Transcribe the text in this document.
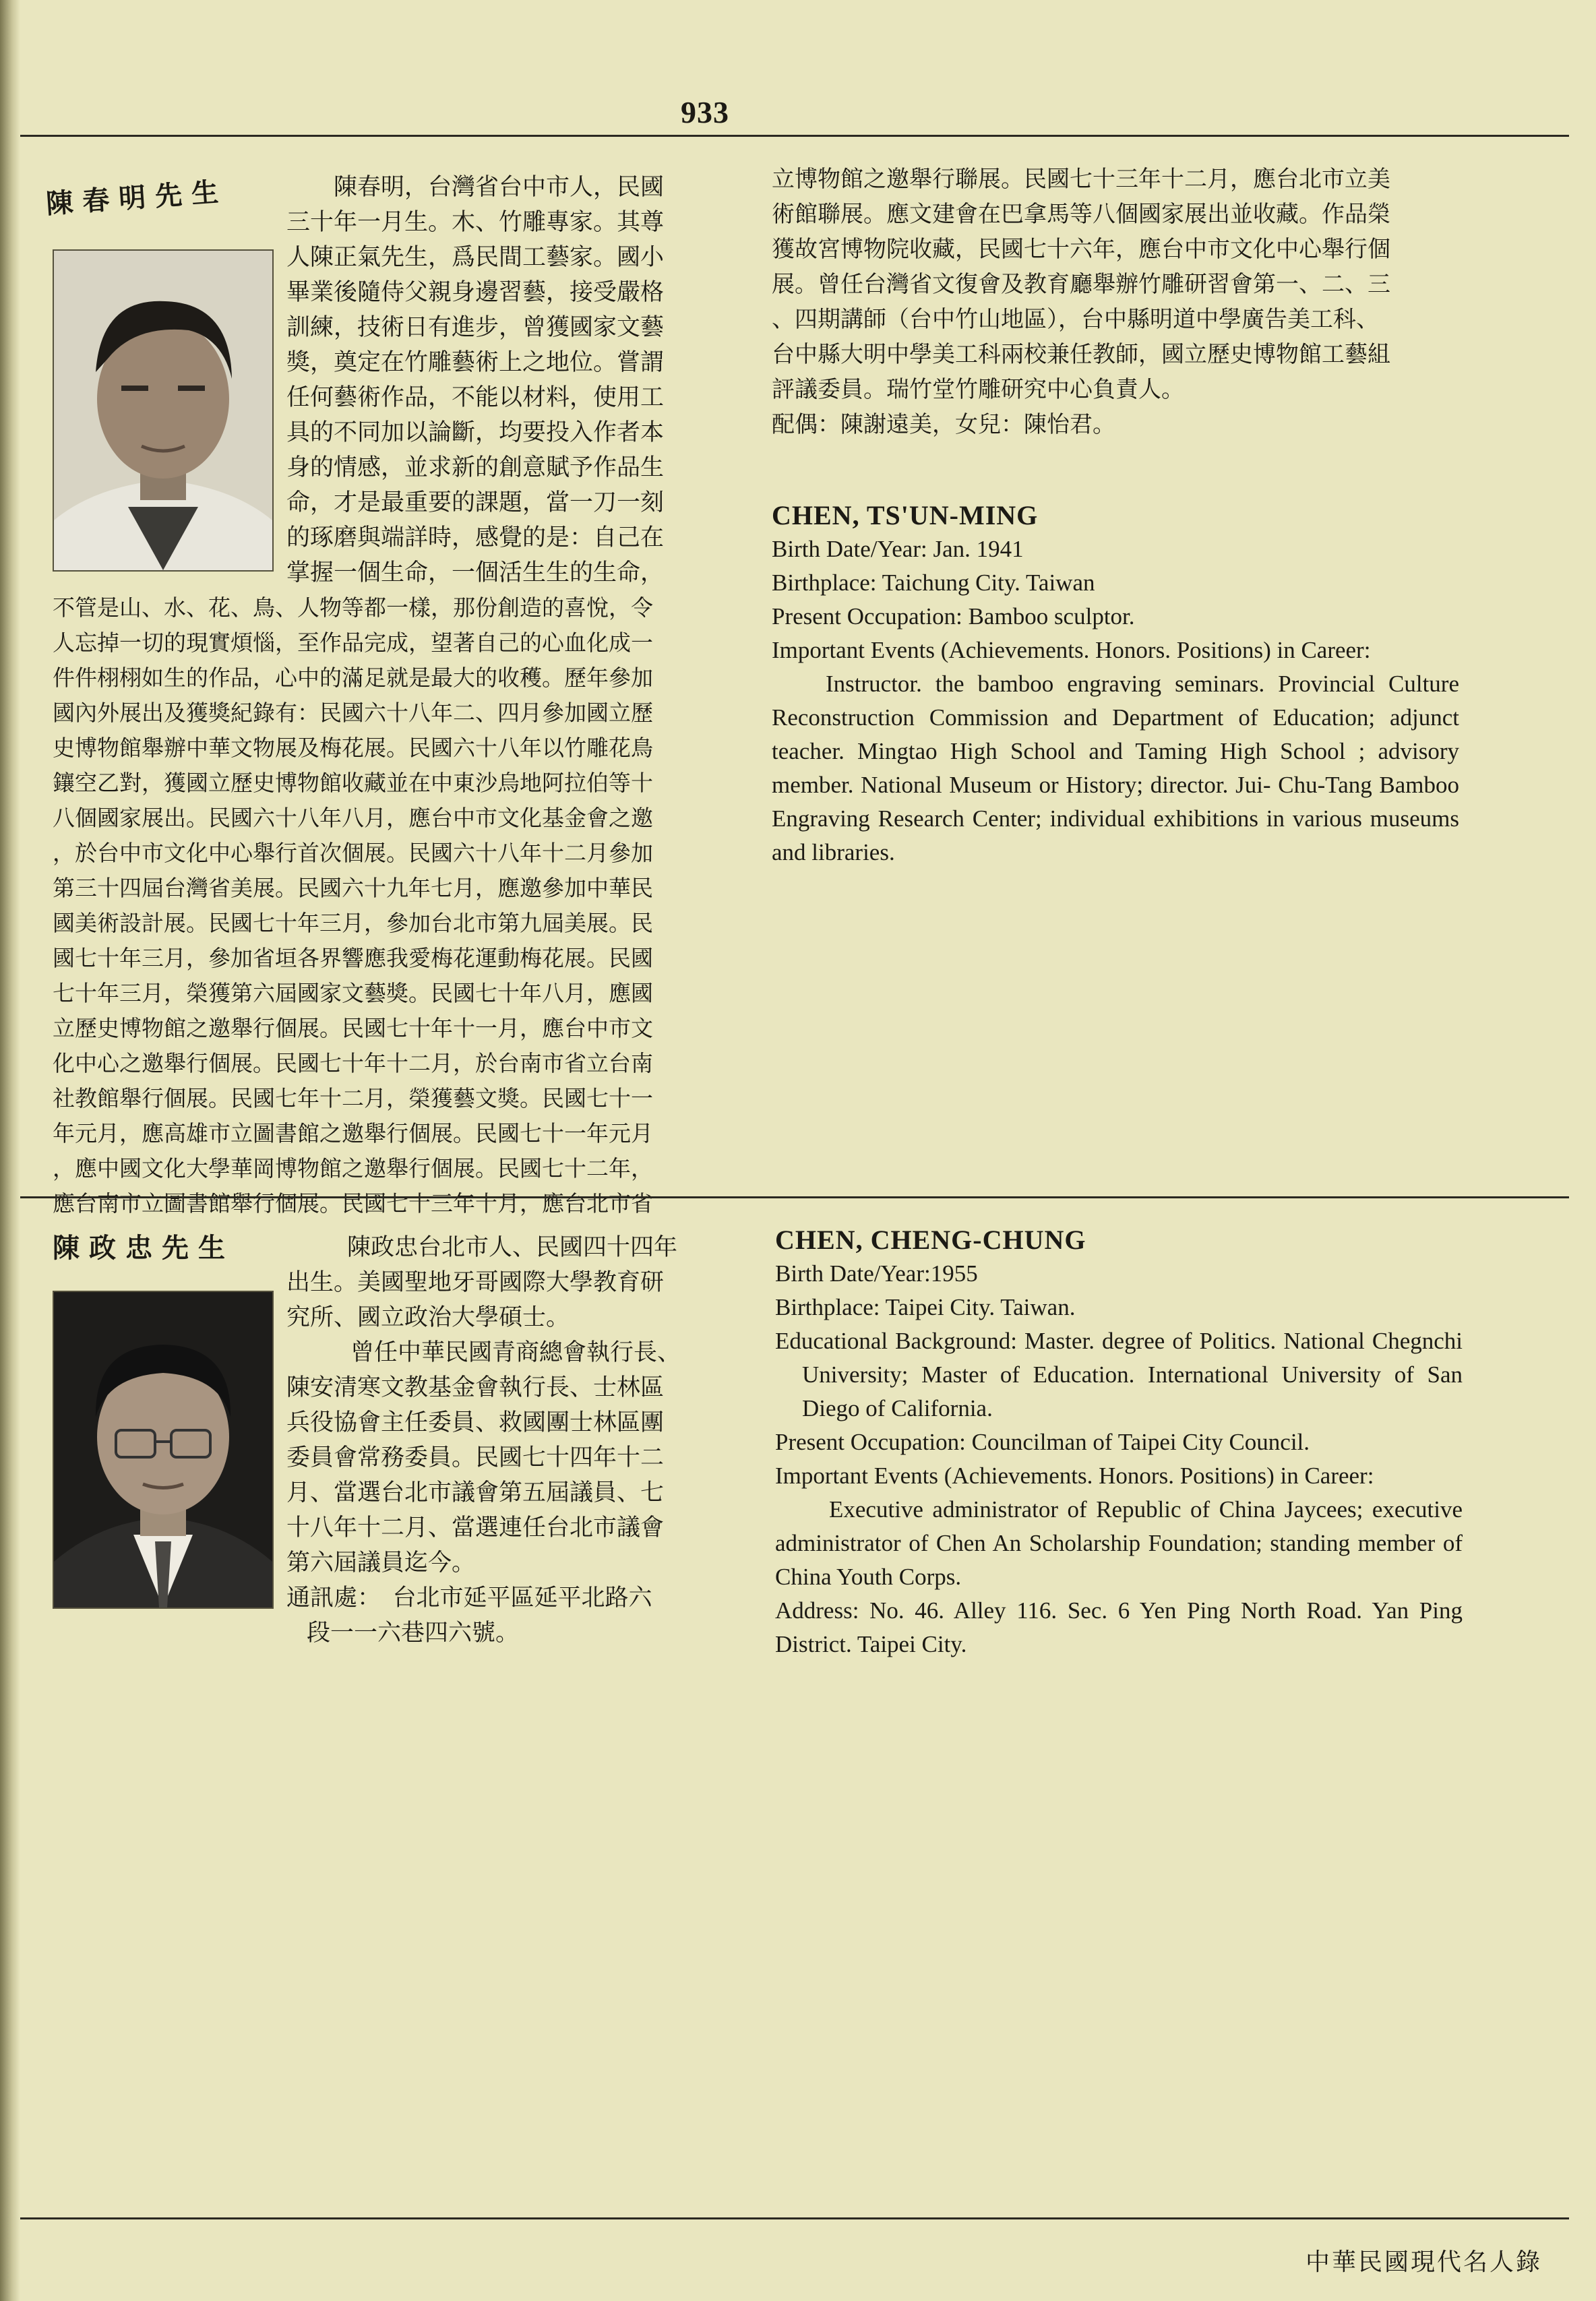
933
陳春明先生	陳春明，台灣省台中市人，民國
三十年一月生。木、竹雕專家。其尊
人陳正氣先生，爲民間工藝家。國小
畢業後隨侍父親身邊習藝，接受嚴格
訓練，技術日有進步，曾獲國家文藝
獎，奠定在竹雕藝術上之地位。嘗謂
任何藝術作品，不能以材料，使用工
具的不同加以論斷，均要投入作者本
身的情感，並求新的創意賦予作品生
命，才是最重要的課題，當一刀一刻
的琢磨與端詳時，感覺的是：自己在
掌握一個生命，一個活生生的生命，
不管是山、水、花、鳥、人物等都一樣，那份創造的喜悅，令
人忘掉一切的現實煩惱，至作品完成，望著自己的心血化成一
件件栩栩如生的作品，心中的滿足就是最大的收穫。歷年參加
國內外展出及獲獎紀錄有：民國六十八年二、四月參加國立歷
史博物館舉辦中華文物展及梅花展。民國六十八年以竹雕花鳥
鑲空乙對，獲國立歷史博物館收藏並在中東沙烏地阿拉伯等十
八個國家展出。民國六十八年八月，應台中市文化基金會之邀
，於台中市文化中心舉行首次個展。民國六十八年十二月參加
第三十四屆台灣省美展。民國六十九年七月，應邀參加中華民
國美術設計展。民國七十年三月，參加台北市第九屆美展。民
國七十年三月，參加省垣各界響應我愛梅花運動梅花展。民國
七十年三月，榮獲第六屆國家文藝獎。民國七十年八月，應國
立歷史博物館之邀舉行個展。民國七十年十一月，應台中市文
化中心之邀舉行個展。民國七十年十二月，於台南市省立台南
社教館舉行個展。民國七年十二月，榮獲藝文獎。民國七十一
年元月，應高雄市立圖書館之邀舉行個展。民國七十一年元月
，應中國文化大學華岡博物館之邀舉行個展。民國七十二年，
應台南市立圖書館舉行個展。民國七十三年十月，應台北市省
立博物館之邀舉行聯展。民國七十三年十二月，應台北市立美
術館聯展。應文建會在巴拿馬等八個國家展出並收藏。作品榮
獲故宮博物院收藏，民國七十六年，應台中市文化中心舉行個
展。曾任台灣省文復會及教育廳舉辦竹雕研習會第一、二、三
、四期講師（台中竹山地區），台中縣明道中學廣告美工科、
台中縣大明中學美工科兩校兼任教師，國立歷史博物館工藝組
評議委員。瑞竹堂竹雕研究中心負責人。
配偶：陳謝遠美，女兒：陳怡君。
CHEN, TS'UN-MING
Birth Date/Year: Jan. 1941
Birthplace: Taichung City. Taiwan
Present Occupation: Bamboo sculptor.
Important Events (Achievements. Honors. Positions) in Career:
Instructor. the bamboo engraving seminars. Provincial Culture Reconstruction Commission and Department of Education; adjunct teacher. Mingtao High School and Taming High School ; advisory member. National Museum or History; director. Jui- Chu-Tang Bamboo Engraving Research Center; individual exhibitions in various museums and libraries.
陳政忠先生	陳政忠台北市人、民國四十四年
出生。美國聖地牙哥國際大學教育研
究所、國立政治大學碩士。
　曾任中華民國青商總會執行長、
陳安清寒文教基金會執行長、士林區
兵役協會主任委員、救國團士林區團
委員會常務委員。民國七十四年十二
月、當選台北市議會第五屆議員、七
十八年十二月、當選連任台北市議會
第六屆議員迄今。
通訊處：　台北市延平區延平北路六
段一一六巷四六號。
CHEN, CHENG-CHUNG
Birth Date/Year:1955
Birthplace: Taipei City. Taiwan.
Educational Background: Master. degree of Politics. National Chegnchi University; Master of Education. International University of San Diego of California.
Present Occupation: Councilman of Taipei City Council.
Important Events (Achievements. Honors. Positions) in Career:
Executive administrator of Republic of China Jaycees; executive administrator of Chen An Scholarship Foundation; standing member of China Youth Corps.
Address: No. 46. Alley 116. Sec. 6 Yen Ping North Road. Yan Ping District. Taipei City.
中華民國現代名人錄
